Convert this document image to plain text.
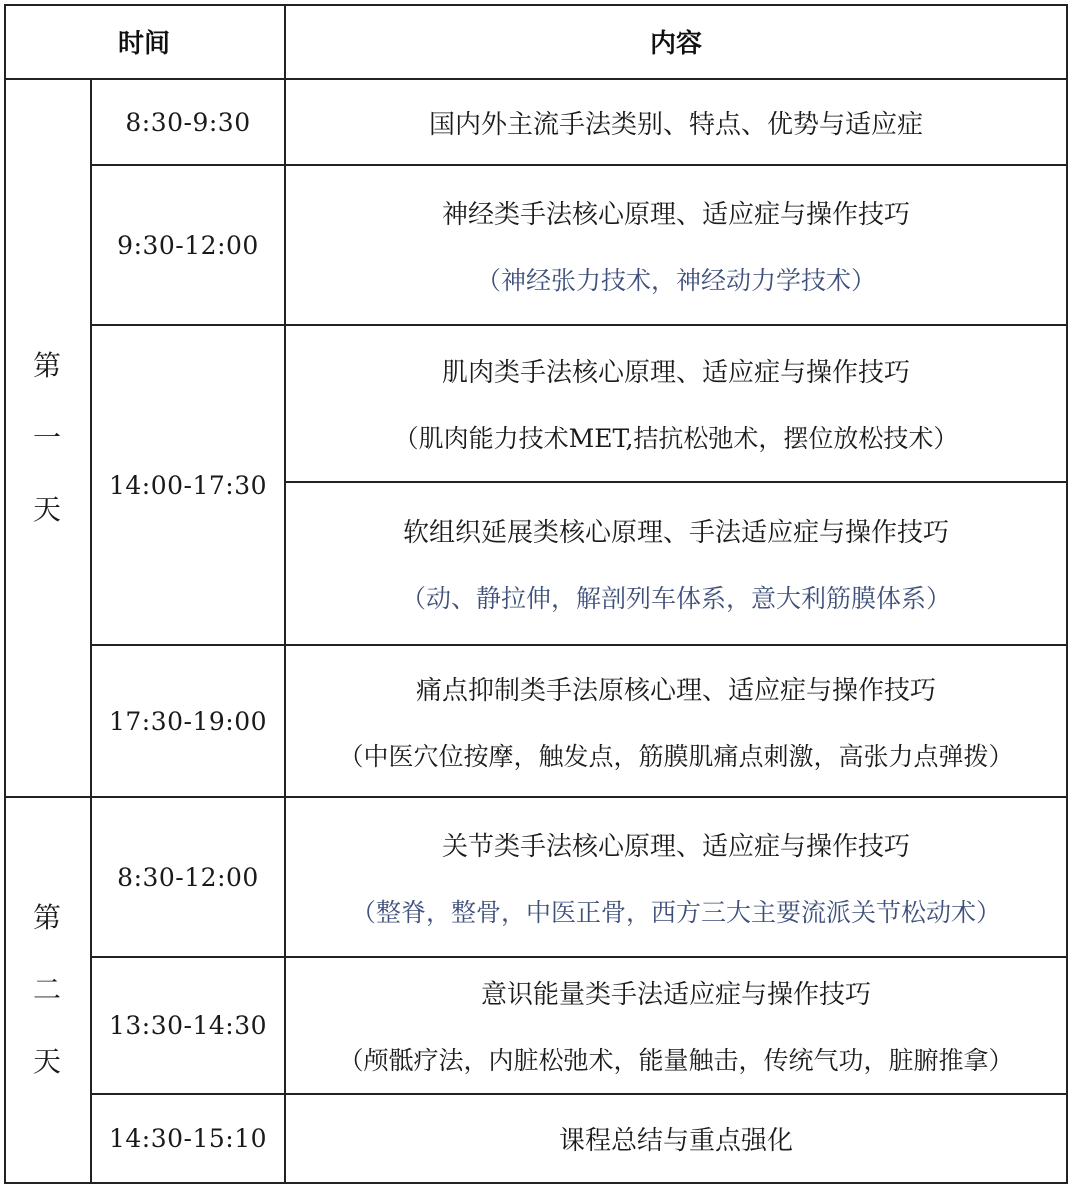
时间	内容
第
一
天
第
二
天
8:30-9:30
9:30-12:00
14:00-17:30
17:30-19:00
8:30-12:00
13:30-14:30
14:30-15:10
国内外主流手法类别、特点、优势与适应症
神经类手法核心原理、适应症与操作技巧
（神经张力技术，神经动力学技术）
肌肉类手法核心原理、适应症与操作技巧
（肌肉能力技术MET,拮抗松弛术，摆位放松技术）
软组织延展类核心原理、手法适应症与操作技巧
（动、静拉伸，解剖列车体系，意大利筋膜体系）
痛点抑制类手法原核心理、适应症与操作技巧
（中医穴位按摩，触发点，筋膜肌痛点刺激，高张力点弹拨）
关节类手法核心原理、适应症与操作技巧
（整脊，整骨，中医正骨，西方三大主要流派关节松动术）
意识能量类手法适应症与操作技巧
（颅骶疗法，内脏松弛术，能量触击，传统气功，脏腑推拿）
课程总结与重点强化
